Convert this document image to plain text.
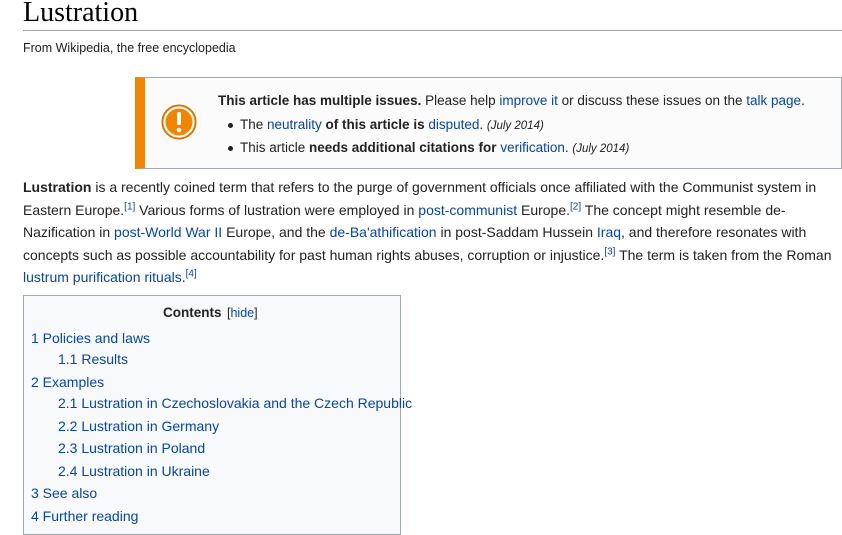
Lustration
From Wikipedia, the free encyclopedia
This article has multiple issues. Please help improve it or discuss these issues on the talk page.
The neutrality of this article is disputed. (July 2014)
This article needs additional citations for verification. (July 2014)
Lustration is a recently coined term that refers to the purge of government officials once affiliated with the Communist system in Eastern Europe.[1] Various forms of lustration were employed in post-communist Europe.[2] The concept might resemble de-Nazification in post-World War II Europe, and the de-Ba'athification in post-Saddam Hussein Iraq, and therefore resonates with concepts such as possible accountability for past human rights abuses, corruption or injustice.[3] The term is taken from the Roman lustrum purification rituals.[4]
Contents [hide]
1 Policies and laws
1.1 Results
2 Examples
2.1 Lustration in Czechoslovakia and the Czech Republic
2.2 Lustration in Germany
2.3 Lustration in Poland
2.4 Lustration in Ukraine
3 See also
4 Further reading
